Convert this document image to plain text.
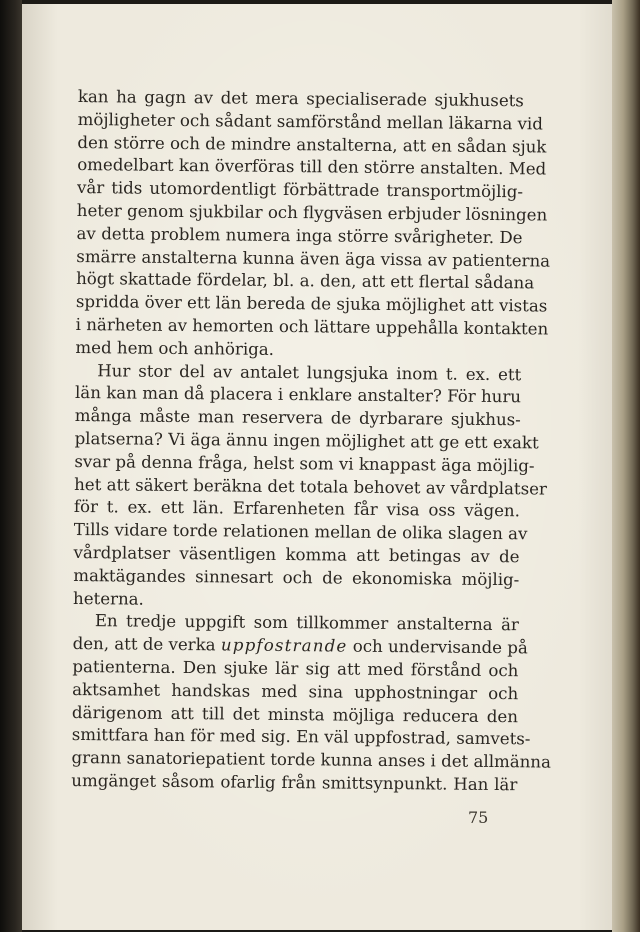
kan ha gagn av det mera specialiserade sjukhusets
möjligheter och sådant samförstånd mellan läkarna vid
den större och de mindre anstalterna, att en sådan sjuk
omedelbart kan överföras till den större anstalten. Med
vår tids utomordentligt förbättrade transportmöjlig-
heter genom sjukbilar och flygväsen erbjuder lösningen
av detta problem numera inga större svårigheter. De
smärre anstalterna kunna även äga vissa av patienterna
högt skattade fördelar, bl. a. den, att ett flertal sådana
spridda över ett län bereda de sjuka möjlighet att vistas
i närheten av hemorten och lättare uppehålla kontakten
med hem och anhöriga.
Hur stor del av antalet lungsjuka inom t. ex. ett
län kan man då placera i enklare anstalter? För huru
många måste man reservera de dyrbarare sjukhus-
platserna? Vi äga ännu ingen möjlighet att ge ett exakt
svar på denna fråga, helst som vi knappast äga möjlig-
het att säkert beräkna det totala behovet av vårdplatser
för t. ex. ett län. Erfarenheten får visa oss vägen.
Tills vidare torde relationen mellan de olika slagen av
vårdplatser väsentligen komma att betingas av de
maktägandes sinnesart och de ekonomiska möjlig-
heterna.
En tredje uppgift som tillkommer anstalterna är
den, att de verka uppfostrande och undervisande på
patienterna. Den sjuke lär sig att med förstånd och
aktsamhet handskas med sina upphostningar och
därigenom att till det minsta möjliga reducera den
smittfara han för med sig. En väl uppfostrad, samvets-
grann sanatoriepatient torde kunna anses i det allmänna
umgänget såsom ofarlig från smittsynpunkt. Han lär
75
